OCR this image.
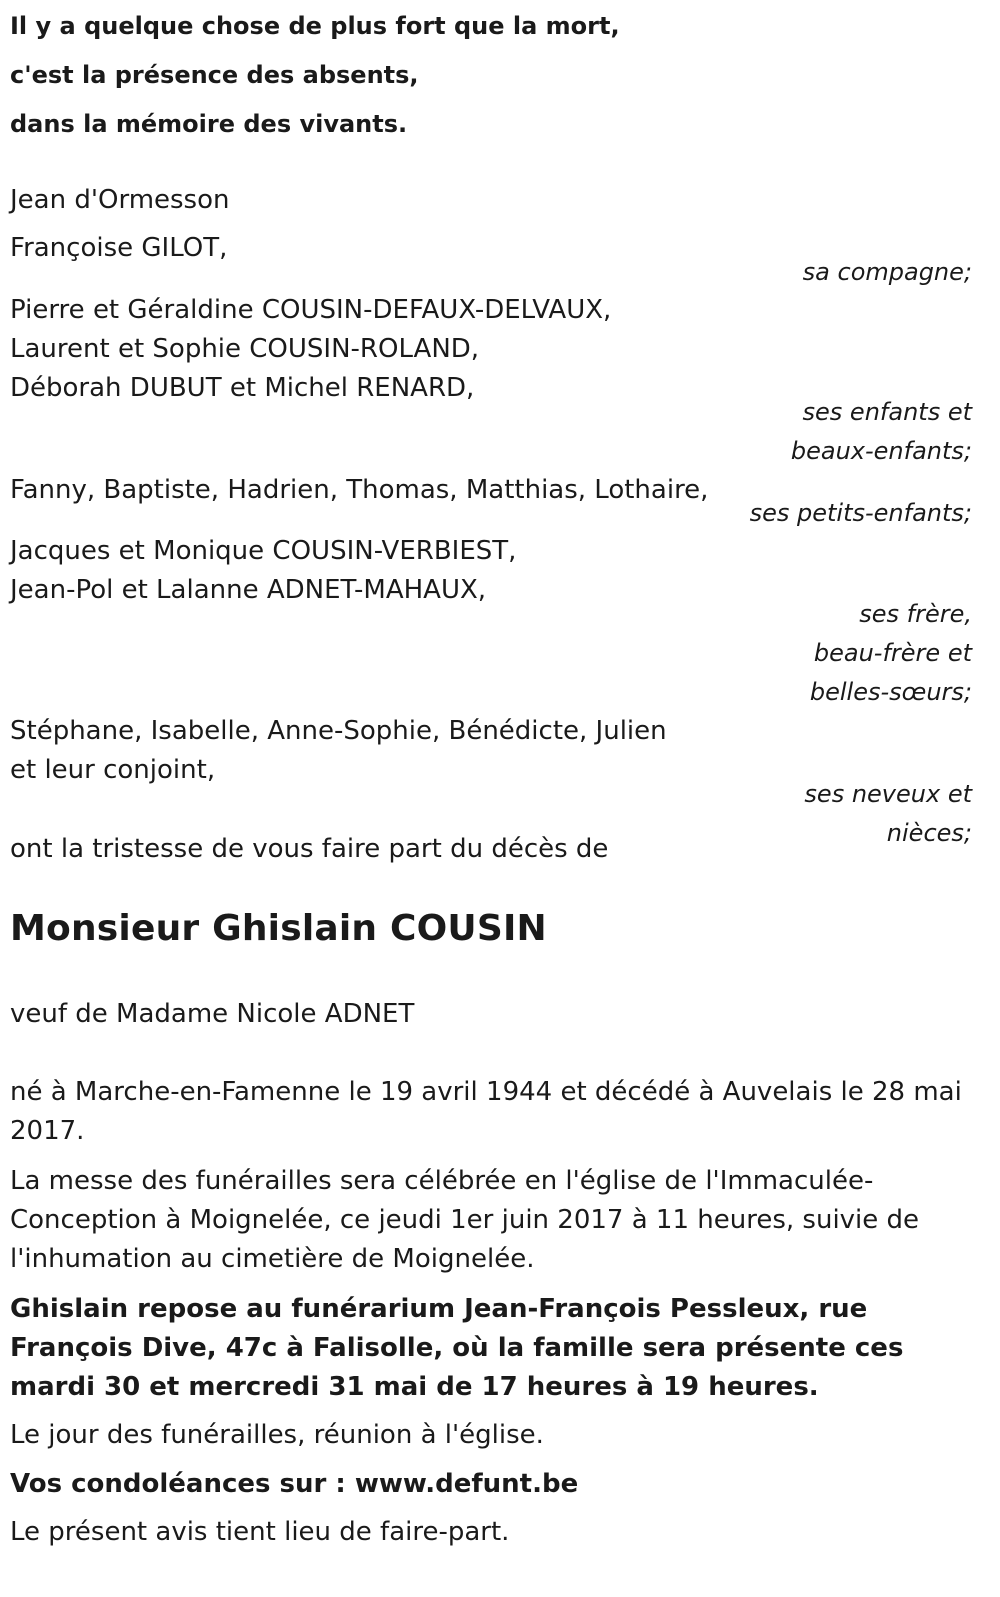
Il y a quelque chose de plus fort que la mort,
c'est la présence des absents,
dans la mémoire des vivants.
Jean d'Ormesson
Françoise GILOT,
sa compagne;
Pierre et Géraldine COUSIN-DEFAUX-DELVAUX,
Laurent et Sophie COUSIN-ROLAND,
Déborah DUBUT et Michel RENARD,
ses enfants et
beaux-enfants;
Fanny, Baptiste, Hadrien, Thomas, Matthias, Lothaire,
ses petits-enfants;
Jacques et Monique COUSIN-VERBIEST,
Jean-Pol et Lalanne ADNET-MAHAUX,
ses frère,
beau-frère et
belles-sœurs;
Stéphane, Isabelle, Anne-Sophie, Bénédicte, Julien
et leur conjoint,
ses neveux et
nièces;
ont la tristesse de vous faire part du décès de
Monsieur Ghislain COUSIN
veuf de Madame Nicole ADNET
né à Marche-en-Famenne le 19 avril 1944 et décédé à Auvelais le 28 mai 2017.
La messe des funérailles sera célébrée en l'église de l'Immaculée-Conception à Moignelée, ce jeudi 1er juin 2017 à 11 heures, suivie de l'inhumation au cimetière de Moignelée.
Ghislain repose au funérarium Jean-François Pessleux, rue François Dive, 47c à Falisolle, où la famille sera présente ces mardi 30 et mercredi 31 mai de 17 heures à 19 heures.
Le jour des funérailles, réunion à l'église.
Vos condoléances sur : www.defunt.be
Le présent avis tient lieu de faire-part.
